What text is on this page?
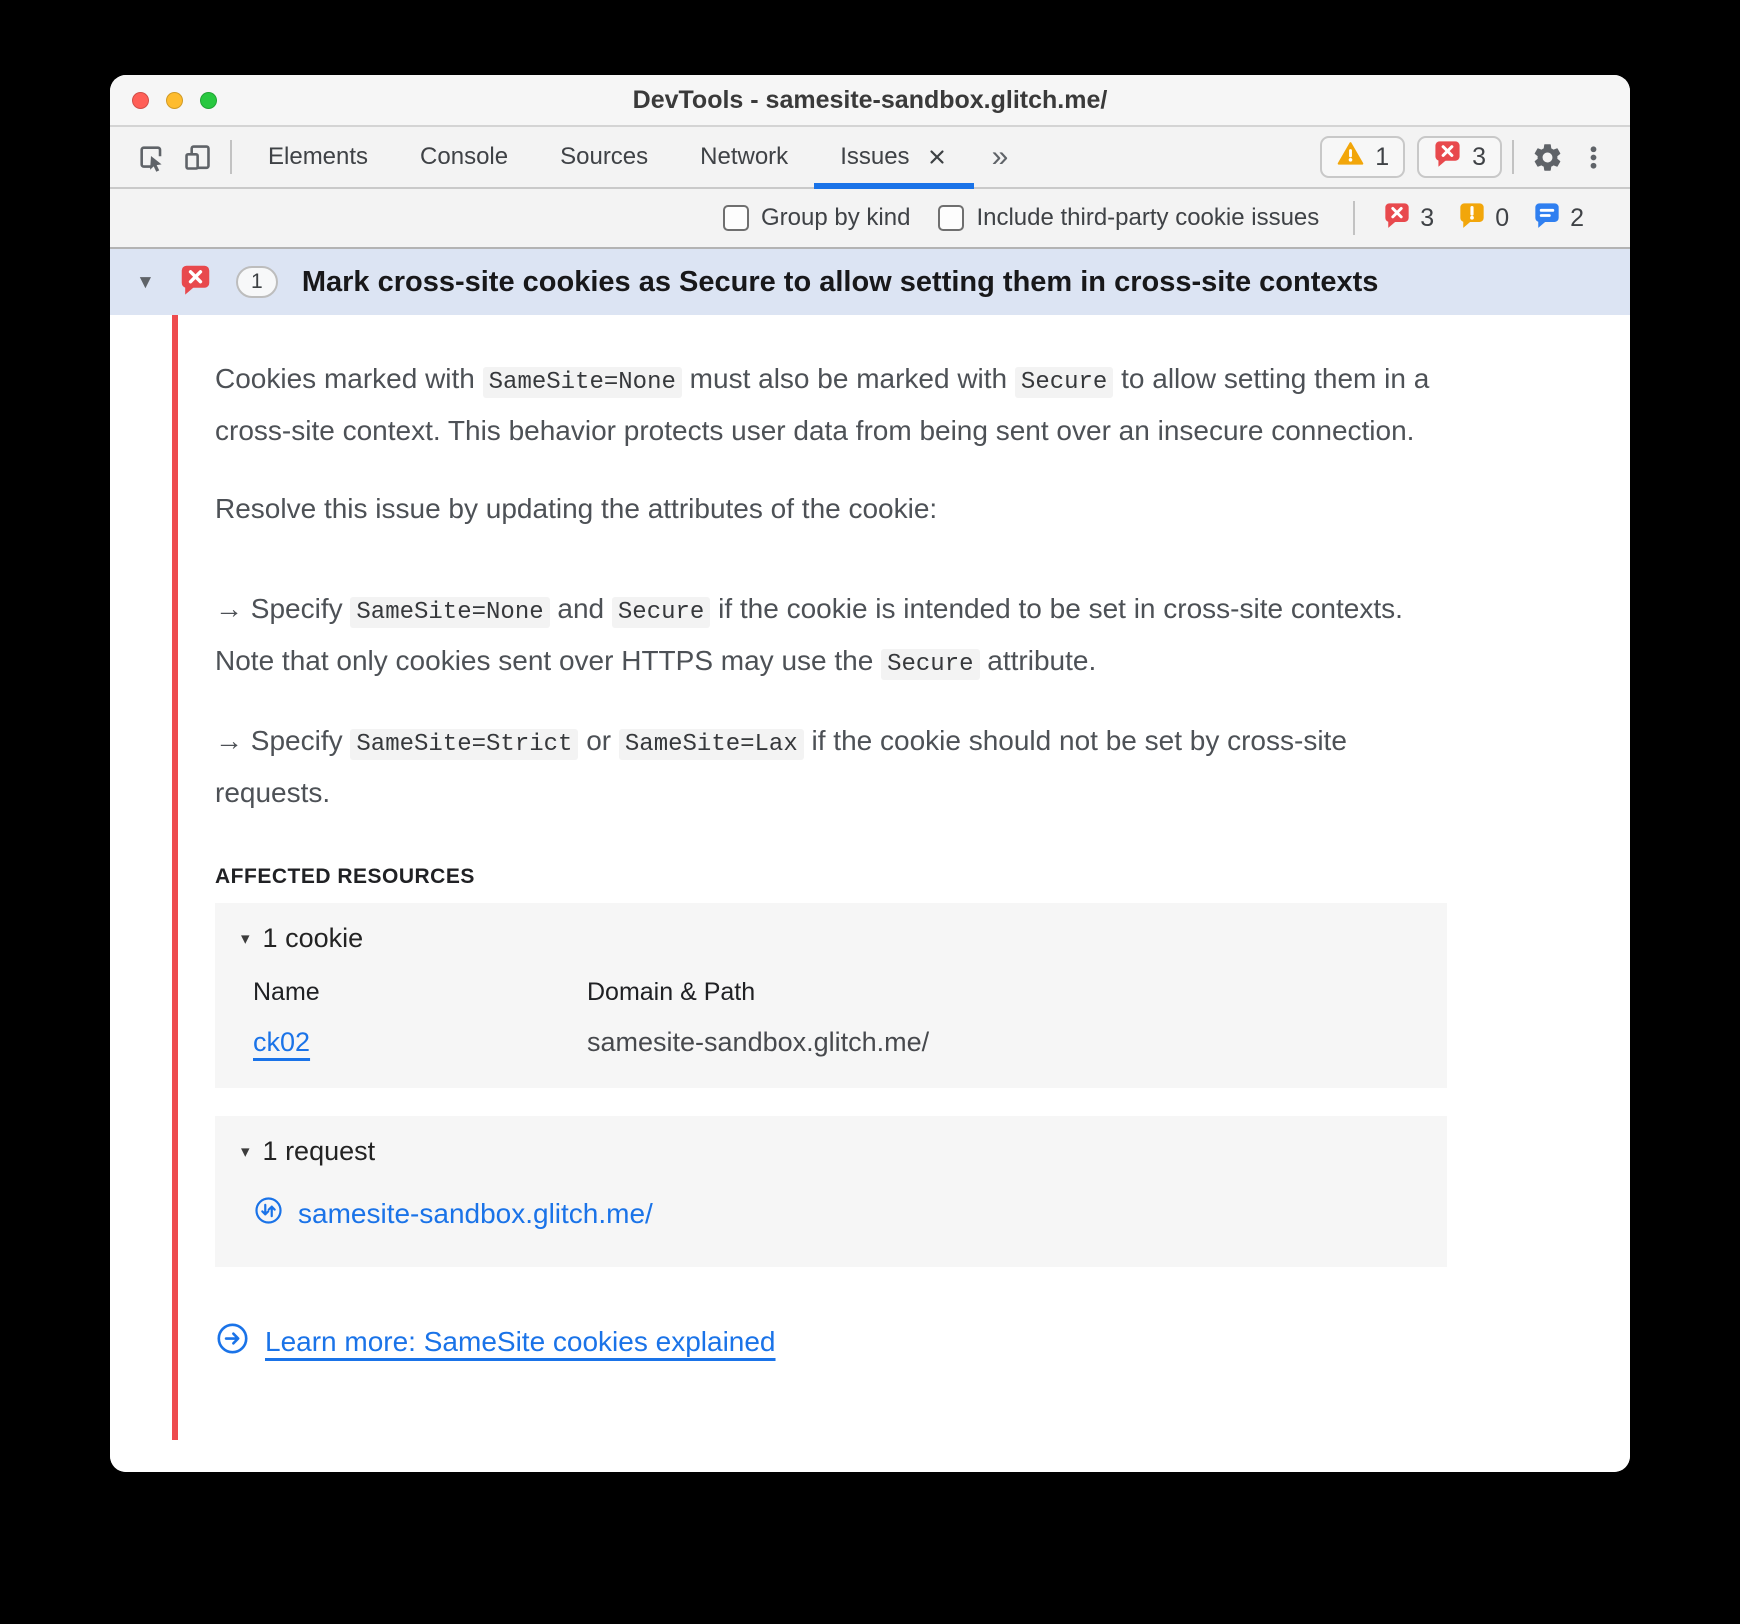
DevTools - samesite-sandbox.glitch.me/
Elements	Console	Sources	Network	Issues	»	1	3
Group by kind	Include third-party cookie issues	3 0 2
▼	1	Mark cross-site cookies as Secure to allow setting them in cross-site contexts

Cookies marked with SameSite=None must also be marked with Secure to allow setting them in a cross-site context. This behavior protects user data from being sent over an insecure connection.

Resolve this issue by updating the attributes of the cookie:

→ Specify SameSite=None and Secure if the cookie is intended to be set in cross-site contexts. Note that only cookies sent over HTTPS may use the Secure attribute.

→ Specify SameSite=Strict or SameSite=Lax if the cookie should not be set by cross-site requests.

AFFECTED RESOURCES
▾ 1 cookie
Name	Domain & Path
ck02	samesite-sandbox.glitch.me/
▾ 1 request
samesite-sandbox.glitch.me/
Learn more: SameSite cookies explained
